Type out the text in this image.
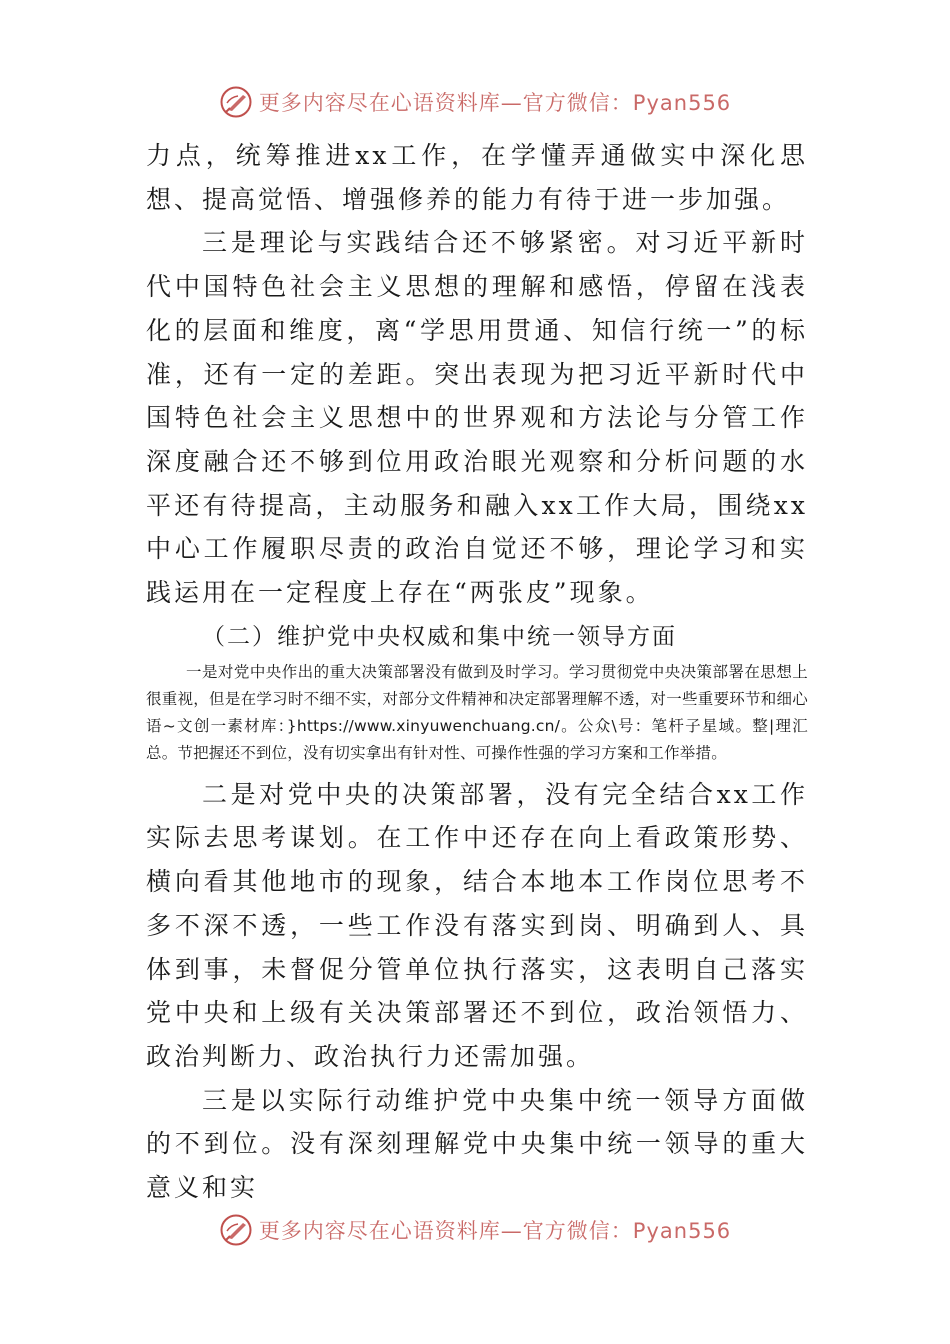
更多内容尽在心语资料库—官方微信：Pyan556

力点，统筹推进xx工作，在学懂弄通做实中深化思想、提高觉悟、增强修养的能力有待于进一步加强。

三是理论与实践结合还不够紧密。对习近平新时代中国特色社会主义思想的理解和感悟，停留在浅表化的层面和维度，离“学思用贯通、知信行统一”的标准，还有一定的差距。突出表现为把习近平新时代中国特色社会主义思想中的世界观和方法论与分管工作深度融合还不够到位用政治眼光观察和分析问题的水平还有待提高，主动服务和融入xx工作大局，围绕xx中心工作履职尽责的政治自觉还不够，理论学习和实践运用在一定程度上存在“两张皮”现象。

（二）维护党中央权威和集中统一领导方面

一是对党中央作出的重大决策部署没有做到及时学习。学习贯彻党中央决策部署在思想上很重视，但是在学习时不细不实，对部分文件精神和决定部署理解不透，对一些重要环节和细心语~文创一素材库：}https://www.xinyuwenchuang.cn/。公众\号：笔杆子星域。整|理汇总。节把握还不到位，没有切实拿出有针对性、可操作性强的学习方案和工作举措。

二是对党中央的决策部署，没有完全结合xx工作实际去思考谋划。在工作中还存在向上看政策形势、横向看其他地市的现象，结合本地本工作岗位思考不多不深不透，一些工作没有落实到岗、明确到人、具体到事，未督促分管单位执行落实，这表明自己落实党中央和上级有关决策部署还不到位，政治领悟力、政治判断力、政治执行力还需加强。

三是以实际行动维护党中央集中统一领导方面做的不到位。没有深刻理解党中央集中统一领导的重大意义和实

更多内容尽在心语资料库—官方微信：Pyan556
